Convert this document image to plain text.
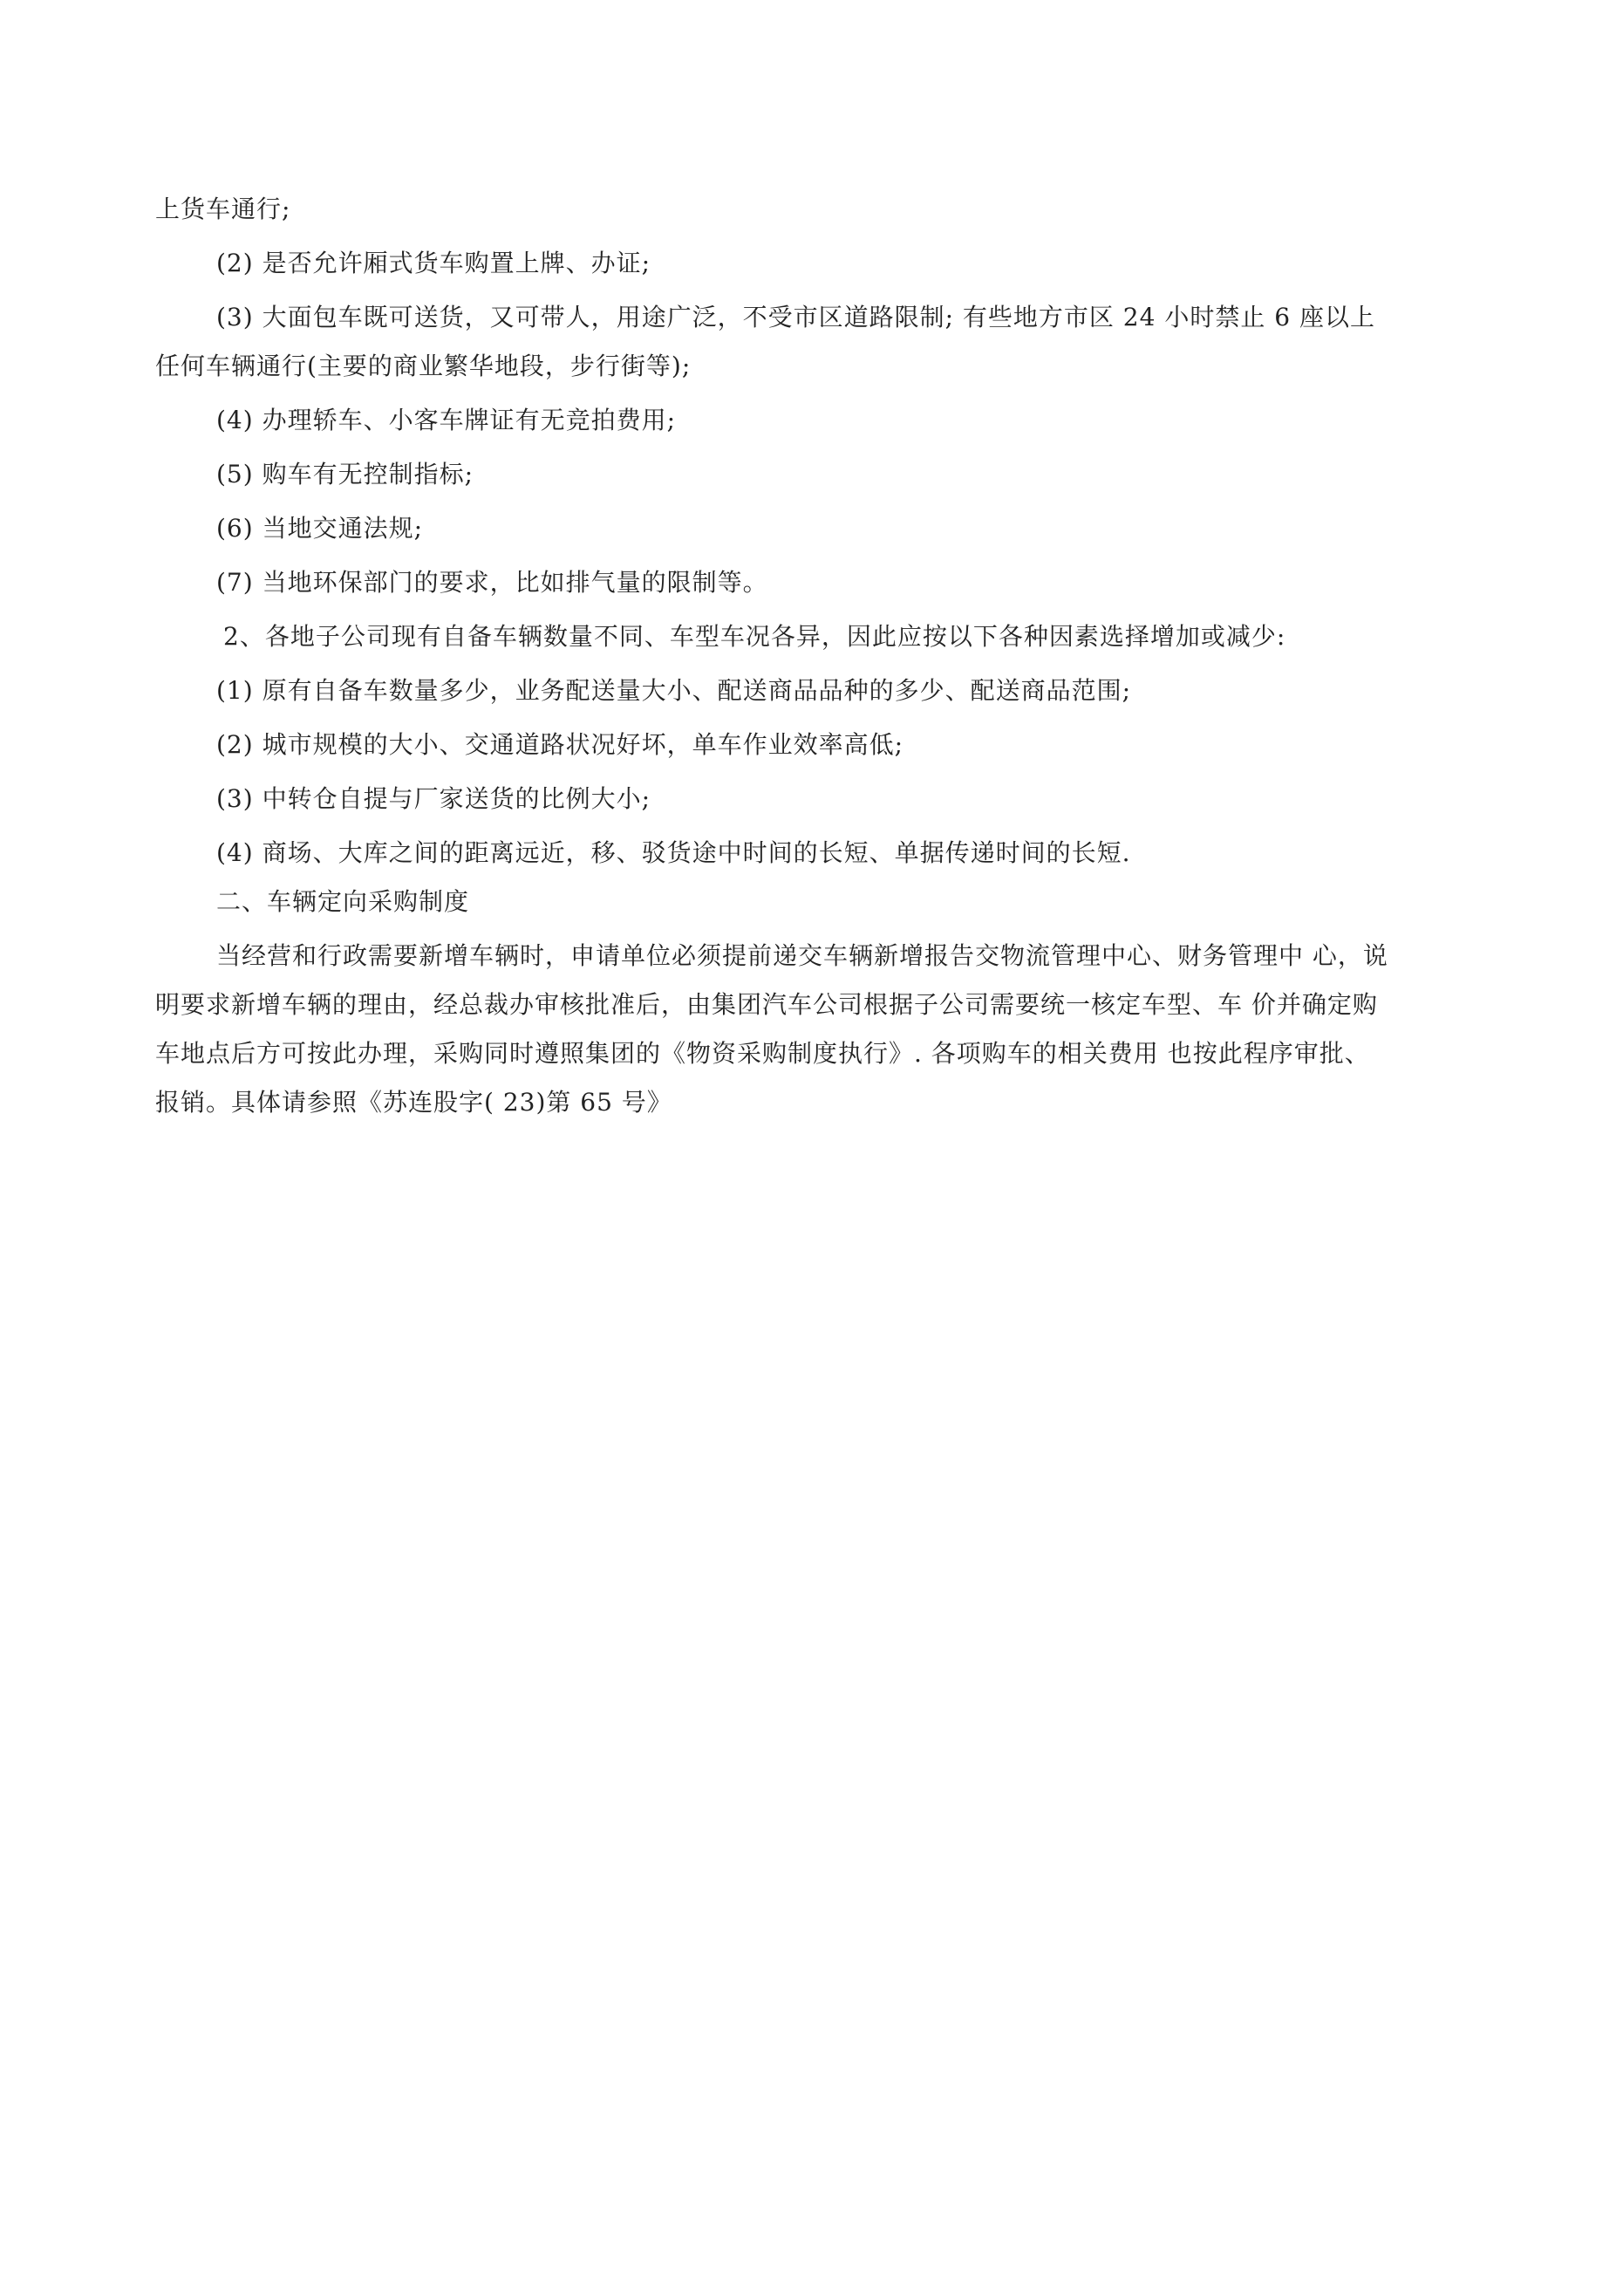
上货车通行;

(2) 是否允许厢式货车购置上牌、办证;

(3) 大面包车既可送货，又可带人，用途广泛，不受市区道路限制; 有些地方市区 24 小时禁止 6 座以上

任何车辆通行(主要的商业繁华地段，步行街等);

(4) 办理轿车、小客车牌证有无竞拍费用;

(5) 购车有无控制指标;

(6) 当地交通法规;

(7) 当地环保部门的要求，比如排气量的限制等。

2、各地子公司现有自备车辆数量不同、车型车况各异，因此应按以下各种因素选择增加或减少:

(1) 原有自备车数量多少，业务配送量大小、配送商品品种的多少、配送商品范围;

(2) 城市规模的大小、交通道路状况好坏，单车作业效率高低;

(3) 中转仓自提与厂家送货的比例大小;

(4) 商场、大库之间的距离远近，移、驳货途中时间的长短、单据传递时间的长短.

二、车辆定向采购制度

当经营和行政需要新增车辆时，申请单位必须提前递交车辆新增报告交物流管理中心、财务管理中 心，说

明要求新增车辆的理由，经总裁办审核批准后，由集团汽车公司根据子公司需要统一核定车型、车 价并确定购

车地点后方可按此办理，采购同时遵照集团的《物资采购制度执行》. 各项购车的相关费用 也按此程序审批、

报销。具体请参照《苏连股字( 23)第 65 号》
